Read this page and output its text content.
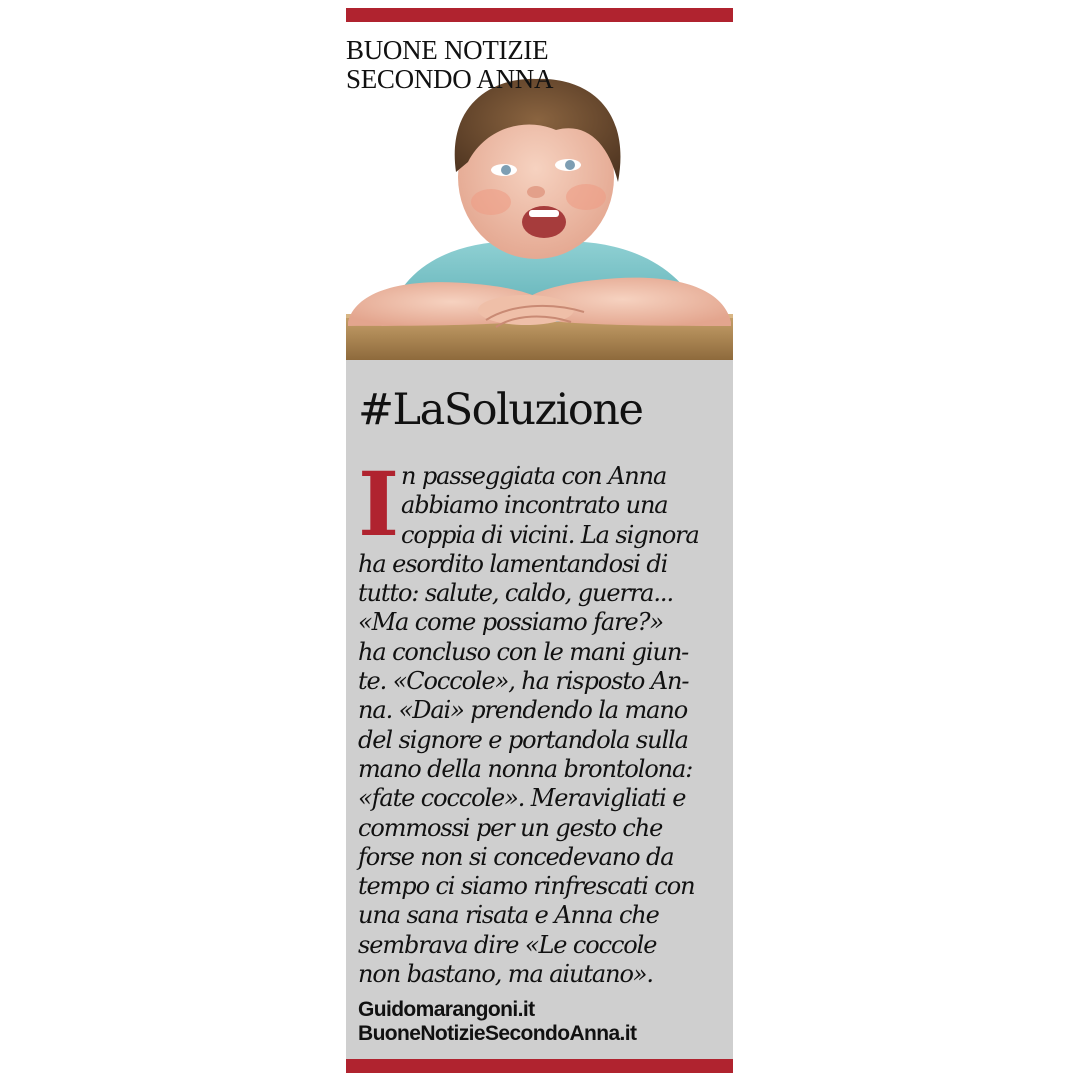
BUONE NOTIZIE
SECONDO ANNA

#LaSoluzione
I n passeggiata con Anna
abbiamo incontrato una
coppia di vicini. La signora
ha esordito lamentandosi di
tutto: salute, caldo, guerra...
«Ma come possiamo fare?»
ha concluso con le mani giun-
te. «Coccole», ha risposto An-
na. «Dai» prendendo la mano
del signore e portandola sulla
mano della nonna brontolona:
«fate coccole». Meravigliati e
commossi per un gesto che
forse non si concedevano da
tempo ci siamo rinfrescati con
una sana risata e Anna che
sembrava dire «Le coccole
non bastano, ma aiutano».
Guidomarangoni.it
BuoneNotizieSecondoAnna.it
